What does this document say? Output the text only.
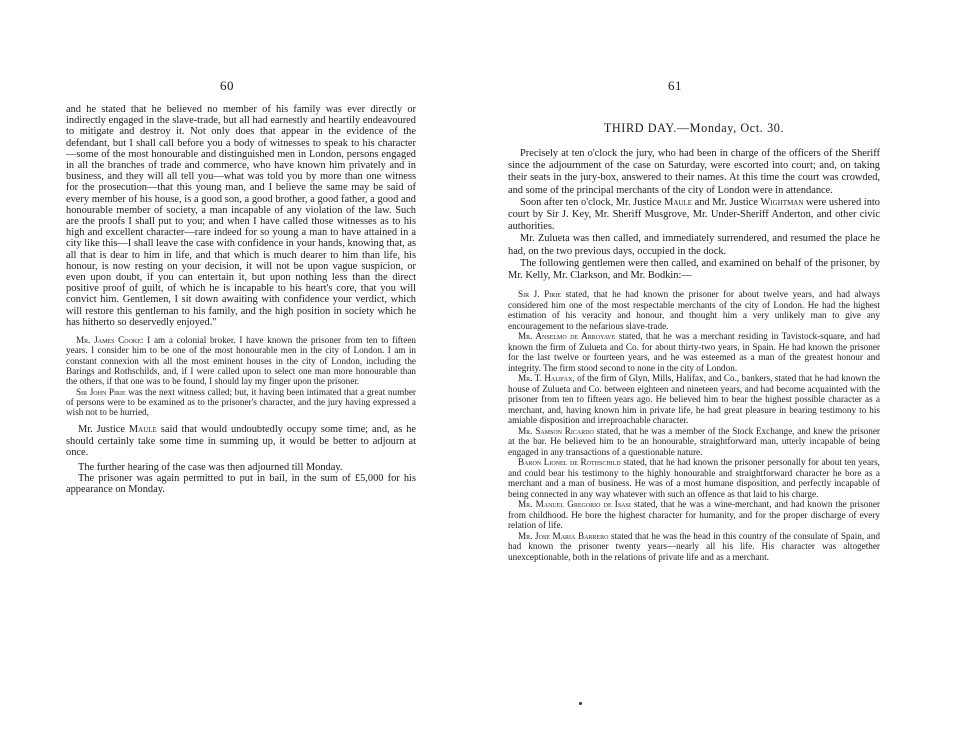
60

and he stated that he believed no member of his family was ever directly or indirectly engaged in the slave-trade, but all had earnestly and heartily endeavoured to mitigate and destroy it. Not only does that appear in the evidence of the defendant, but I shall call before you a body of witnesses to speak to his character—some of the most honourable and distinguished men in London, persons engaged in all the branches of trade and commerce, who have known him privately and in business, and they will all tell you—what was told you by more than one witness for the prosecution—that this young man, and I believe the same may be said of every member of his house, is a good son, a good brother, a good father, a good and honourable member of society, a man incapable of any violation of the law. Such are the proofs I shall put to you; and when I have called those witnesses as to his high and excellent character—rare indeed for so young a man to have attained in a city like this—I shall leave the case with confidence in your hands, knowing that, as all that is dear to him in life, and that which is much dearer to him than life, his honour, is now resting on your decision, it will not be upon vague suspicion, or even upon doubt, if you can entertain it, but upon nothing less than the direct positive proof of guilt, of which he is incapable to his heart's core, that you will convict him. Gentlemen, I sit down awaiting with confidence your verdict, which will restore this gentleman to his family, and the high position in society which he has hitherto so deservedly enjoyed."

Mr. James Cooke: I am a colonial broker. I have known the prisoner from ten to fifteen years. I consider him to be one of the most honourable men in the city of London. I am in constant connexion with all the most eminent houses in the city of London, including the Barings and Rothschilds, and, if I were called upon to select one man more honourable than the others, if that one was to be found, I should lay my finger upon the prisoner.

Sir John Pirie was the next witness called; but, it having been intimated that a great number of persons were to be examined as to the prisoner's character, and the jury having expressed a wish not to be hurried,

Mr. Justice Maule said that would undoubtedly occupy some time; and, as he should certainly take some time in summing up, it would be better to adjourn at once.

The further hearing of the case was then adjourned till Monday.

The prisoner was again permitted to put in bail, in the sum of £5,000 for his appearance on Monday.

61
THIRD DAY.—Monday, Oct. 30.

Precisely at ten o'clock the jury, who had been in charge of the officers of the Sheriff since the adjournment of the case on Saturday, were escorted into court; and, on taking their seats in the jury-box, answered to their names. At this time the court was crowded, and some of the principal merchants of the city of London were in attendance.

Soon after ten o'clock, Mr. Justice Maule and Mr. Justice Wightman were ushered into court by Sir J. Key, Mr. Sheriff Musgrove, Mr. Under-Sheriff Anderton, and other civic authorities.

Mr. Zulueta was then called, and immediately surrendered, and resumed the place he had, on the two previous days, occupied in the dock.

The following gentlemen were then called, and examined on behalf of the prisoner, by Mr. Kelly, Mr. Clarkson, and Mr. Bodkin:—

Sir J. Pirie stated, that he had known the prisoner for about twelve years, and had always considered him one of the most respectable merchants of the city of London. He had the highest estimation of his veracity and honour, and thought him a very unlikely man to give any encouragement to the nefarious slave-trade.

Mr. Anselmo de Arroyave stated, that he was a merchant residing in Tavistock-square, and had known the firm of Zulueta and Co. for about thirty-two years, in Spain. He had known the prisoner for the last twelve or fourteen years, and he was esteemed as a man of the greatest honour and integrity. The firm stood second to none in the city of London.

Mr. T. Halifax, of the firm of Glyn, Mills, Halifax, and Co., bankers, stated that he had known the house of Zulueta and Co. between eighteen and nineteen years, and had become acquainted with the prisoner from ten to fifteen years ago. He believed him to bear the highest possible character as a merchant, and, having known him in private life, he had great pleasure in bearing testimony to his amiable disposition and irreproachable character.

Mr. Samson Ricardo stated, that he was a member of the Stock Exchange, and knew the prisoner at the bar. He believed him to be an honourable, straightforward man, utterly incapable of being engaged in any transactions of a questionable nature.

Baron Lionel de Rothschild stated, that he had known the prisoner personally for about ten years, and could bear his testimony to the highly honourable and straightforward character he bore as a merchant and a man of business. He was of a most humane disposition, and perfectly incapable of being connected in any way whatever with such an offence as that laid to his charge.

Mr. Manuel Gregorio de Isasi stated, that he was a wine-merchant, and had known the prisoner from childhood. He bore the highest character for humanity, and for the proper discharge of every relation of life.

Mr. Jose Maria Barrero stated that he was the head in this country of the consulate of Spain, and had known the prisoner twenty years—nearly all his life. His character was altogether unexceptionable, both in the relations of private life and as a merchant.
